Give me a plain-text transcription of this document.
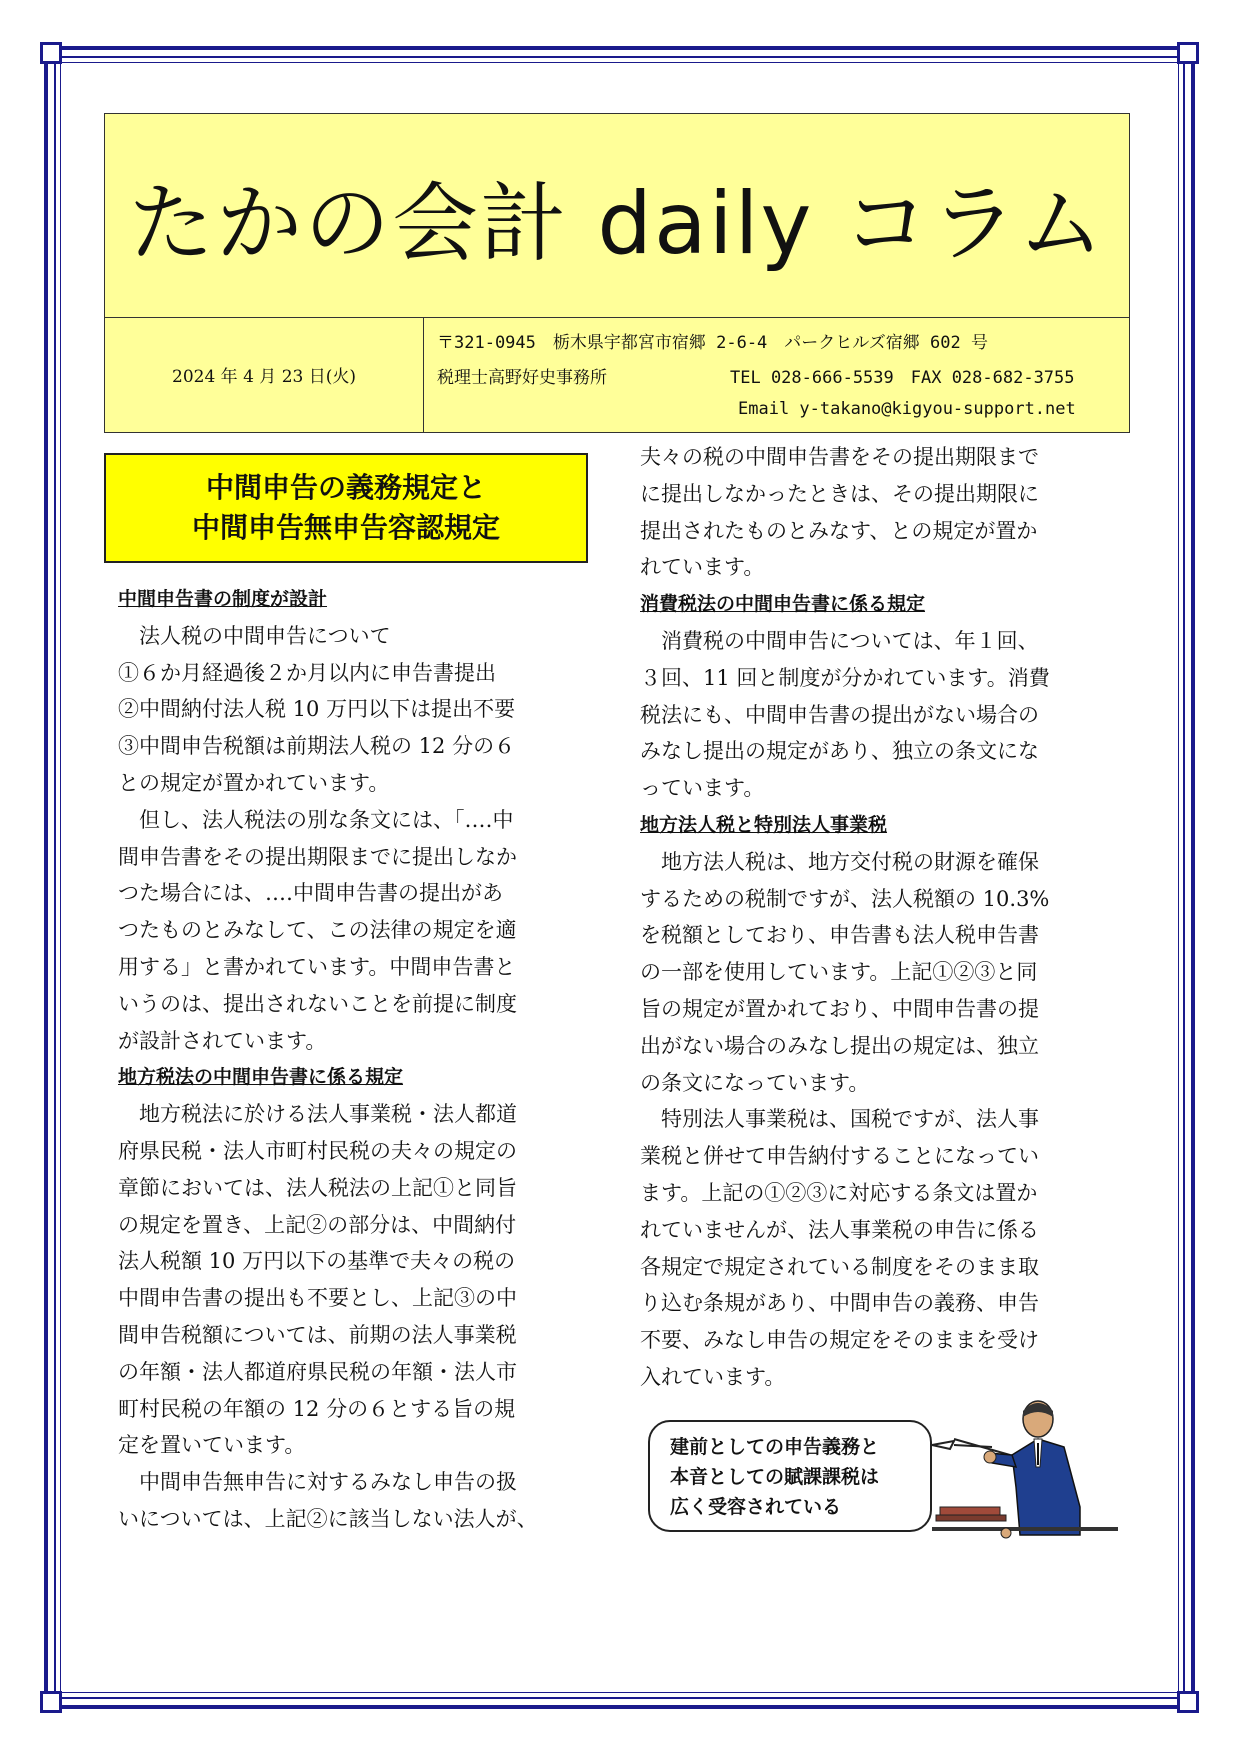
たかの会計 daily コラム
2024 年 4 月 23 日(火)
〒321-0945　栃木県宇都宮市宿郷 2-6-4　パークヒルズ宿郷 602 号
税理士高野好史事務所	TEL 028-666-5539　FAX 028-682-3755
Email y-takano@kigyou-support.net
中間申告の義務規定と
中間申告無申告容認規定

中間申告書の制度が設計

　法人税の中間申告について

①６か月経過後２か月以内に申告書提出

②中間納付法人税 10 万円以下は提出不要

③中間申告税額は前期法人税の 12 分の６

との規定が置かれています。

　但し、法人税法の別な条文には、「‥‥中

間申告書をその提出期限までに提出しなか

つた場合には、‥‥中間申告書の提出があ

つたものとみなして、この法律の規定を適

用する」と書かれています。中間申告書と

いうのは、提出されないことを前提に制度

が設計されています。

地方税法の中間申告書に係る規定

　地方税法に於ける法人事業税・法人都道

府県民税・法人市町村民税の夫々の規定の

章節においては、法人税法の上記①と同旨

の規定を置き、上記②の部分は、中間納付

法人税額 10 万円以下の基準で夫々の税の

中間申告書の提出も不要とし、上記③の中

間申告税額については、前期の法人事業税

の年額・法人都道府県民税の年額・法人市

町村民税の年額の 12 分の６とする旨の規

定を置いています。

　中間申告無申告に対するみなし申告の扱

いについては、上記②に該当しない法人が、

夫々の税の中間申告書をその提出期限まで

に提出しなかったときは、その提出期限に

提出されたものとみなす、との規定が置か

れています。

消費税法の中間申告書に係る規定

　消費税の中間申告については、年１回、

３回、11 回と制度が分かれています。消費

税法にも、中間申告書の提出がない場合の

みなし提出の規定があり、独立の条文にな

っています。

地方法人税と特別法人事業税

　地方法人税は、地方交付税の財源を確保

するための税制ですが、法人税額の 10.3%

を税額としており、申告書も法人税申告書

の一部を使用しています。上記①②③と同

旨の規定が置かれており、中間申告書の提

出がない場合のみなし提出の規定は、独立

の条文になっています。

　特別法人事業税は、国税ですが、法人事

業税と併せて申告納付することになってい

ます。上記の①②③に対応する条文は置か

れていませんが、法人事業税の申告に係る

各規定で規定されている制度をそのまま取

り込む条規があり、中間申告の義務、申告

不要、みなし申告の規定をそのままを受け

入れています。

建前としての申告義務と
本音としての賦課課税は
広く受容されている
